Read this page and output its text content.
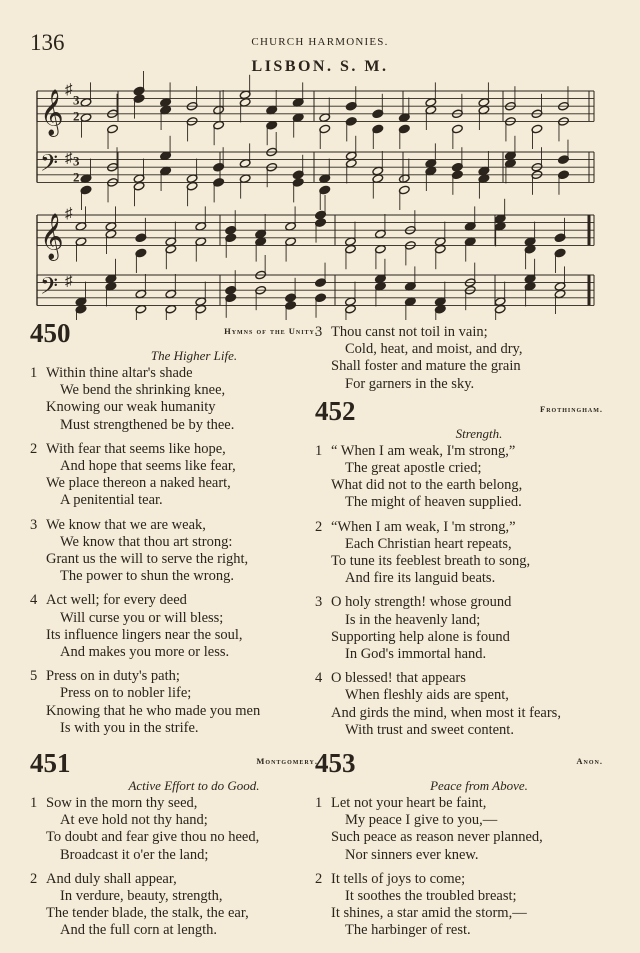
136	CHURCH HARMONIES.
LISBON. S. M.
𝄞 ♯
3
2
𝄢 ♯ 3
2
𝄞 ♯
𝄢 ♯
450	Hymns of the Unity.
The Higher Life.
1 Within thine altar's shade
We bend the shrinking knee,
Knowing our weak humanity
Must strengthened be by thee.
2 With fear that seems like hope,
And hope that seems like fear,
We place thereon a naked heart,
A penitential tear.
3 We know that we are weak,
We know that thou art strong:
Grant us the will to serve the right,
The power to shun the wrong.
4 Act well; for every deed
Will curse you or will bless;
Its influence lingers near the soul,
And makes you more or less.
5 Press on in duty's path;
Press on to nobler life;
Knowing that he who made you men
Is with you in the strife.
451	Montgomery.
Active Effort to do Good.
1 Sow in the morn thy seed,
At eve hold not thy hand;
To doubt and fear give thou no heed,
Broadcast it o'er the land;
2 And duly shall appear,
In verdure, beauty, strength,
The tender blade, the stalk, the ear,
And the full corn at length.
3 Thou canst not toil in vain;
Cold, heat, and moist, and dry,
Shall foster and mature the grain
For garners in the sky.
452	Frothingham.
Strength.
1 “ When I am weak, I'm strong,”
The great apostle cried;
What did not to the earth belong,
The might of heaven supplied.
2 “When I am weak, I 'm strong,”
Each Christian heart repeats,
To tune its feeblest breath to song,
And fire its languid beats.
3 O holy strength! whose ground
Is in the heavenly land;
Supporting help alone is found
In God's immortal hand.
4 O blessed! that appears
When fleshly aids are spent,
And girds the mind, when most it fears,
With trust and sweet content.
453	Anon.
Peace from Above.
1 Let not your heart be faint,
My peace I give to you,—
Such peace as reason never planned,
Nor sinners ever knew.
2 It tells of joys to come;
It soothes the troubled breast;
It shines, a star amid the storm,—
The harbinger of rest.
